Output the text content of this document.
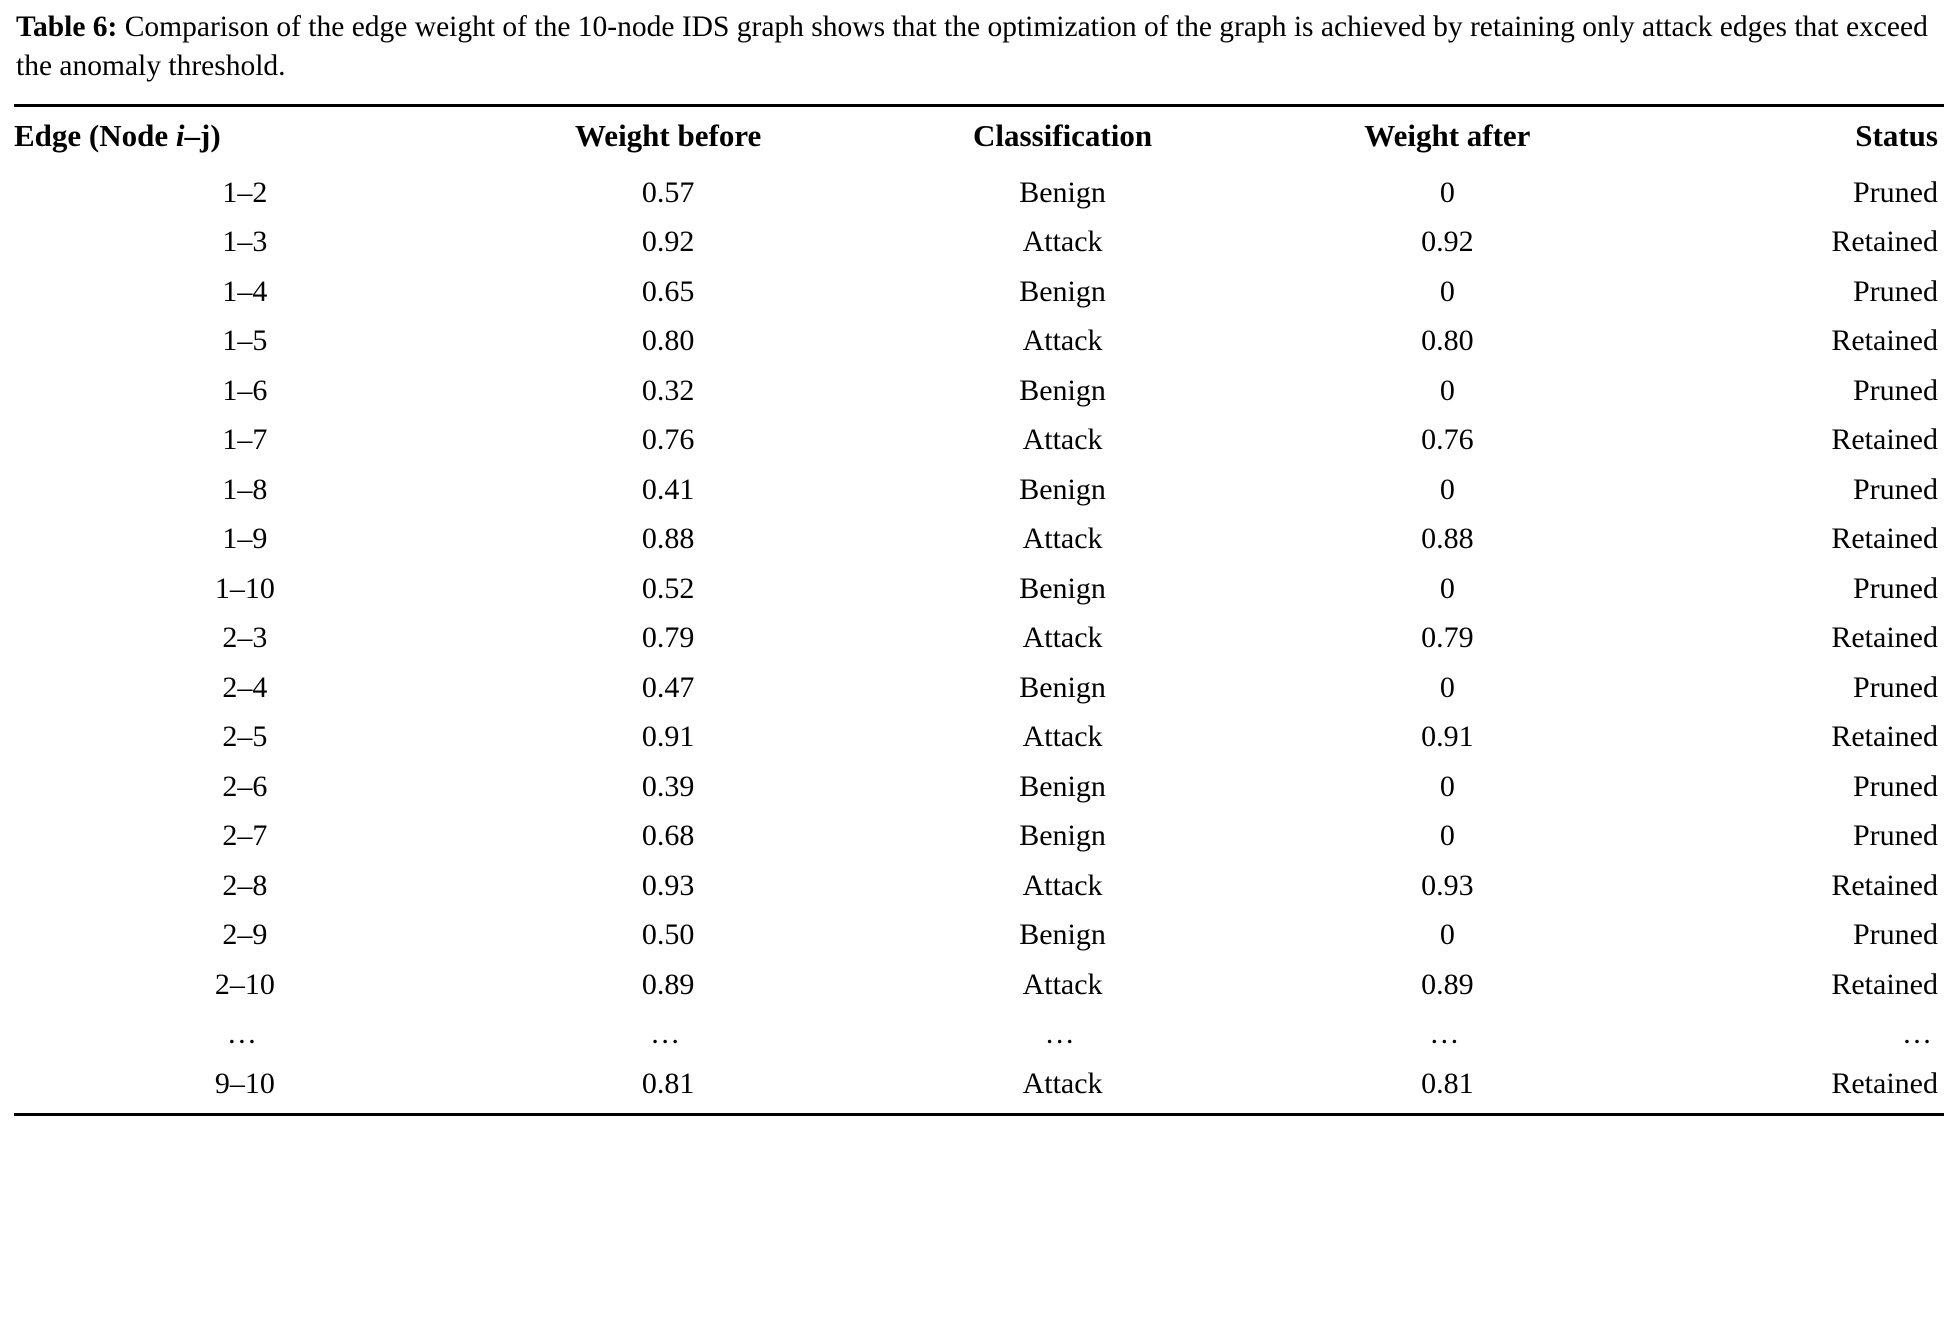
Table 6: Comparison of the edge weight of the 10-node IDS graph shows that the optimization of the graph is achieved by retaining only attack edges that exceed the anomaly threshold.

Edge (Node i–j)	Weight before	Classification	Weight after	Status
1–2	0.57	Benign	0	Pruned
1–3	0.92	Attack	0.92	Retained
1–4	0.65	Benign	0	Pruned
1–5	0.80	Attack	0.80	Retained
1–6	0.32	Benign	0	Pruned
1–7	0.76	Attack	0.76	Retained
1–8	0.41	Benign	0	Pruned
1–9	0.88	Attack	0.88	Retained
1–10	0.52	Benign	0	Pruned
2–3	0.79	Attack	0.79	Retained
2–4	0.47	Benign	0	Pruned
2–5	0.91	Attack	0.91	Retained
2–6	0.39	Benign	0	Pruned
2–7	0.68	Benign	0	Pruned
2–8	0.93	Attack	0.93	Retained
2–9	0.50	Benign	0	Pruned
2–10	0.89	Attack	0.89	Retained
…	…	…	…	…
9–10	0.81	Attack	0.81	Retained
